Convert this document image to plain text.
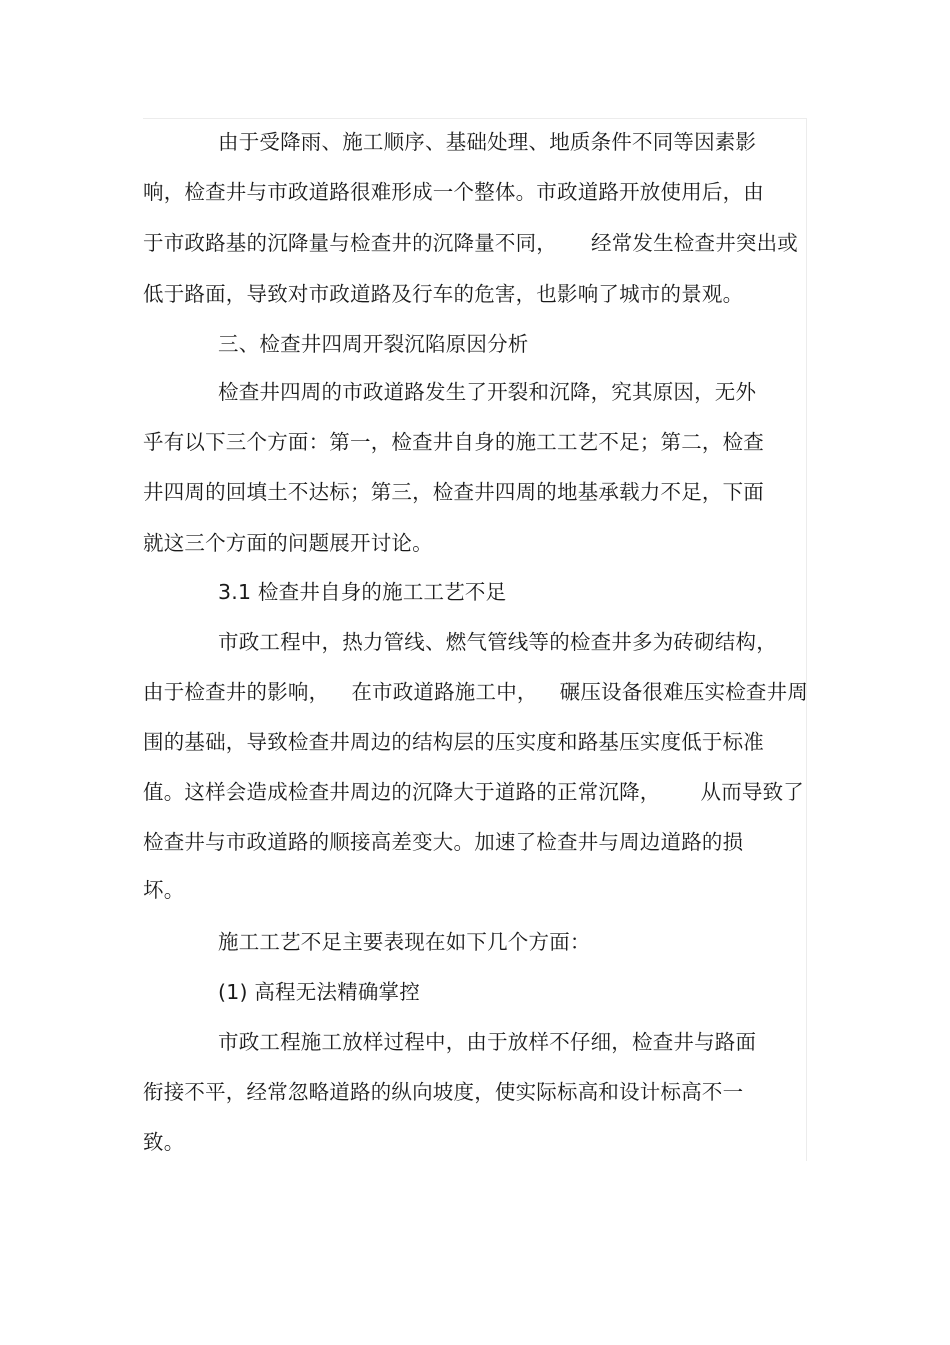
由于受降雨、施工顺序、基础处理、地质条件不同等因素影
响，检查井与市政道路很难形成一个整体。市政道路开放使用后，由
于市政路基的沉降量与检查井的沉降量不同， 经常发生检查井突出或
低于路面，导致对市政道路及行车的危害，也影响了城市的景观。
三、检查井四周开裂沉陷原因分析
检查井四周的市政道路发生了开裂和沉降，究其原因，无外
乎有以下三个方面：第一，检查井自身的施工工艺不足；第二，检查
井四周的回填土不达标；第三，检查井四周的地基承载力不足，下面
就这三个方面的问题展开讨论。
3.1 检查井自身的施工工艺不足
市政工程中，热力管线、燃气管线等的检查井多为砖砌结构，
由于检查井的影响， 在市政道路施工中， 碾压设备很难压实检查井周
围的基础，导致检查井周边的结构层的压实度和路基压实度低于标准
值。这样会造成检查井周边的沉降大于道路的正常沉降， 从而导致了
检查井与市政道路的顺接高差变大。加速了检查井与周边道路的损
坏。
施工工艺不足主要表现在如下几个方面：
(1) 高程无法精确掌控
市政工程施工放样过程中，由于放样不仔细，检查井与路面
衔接不平，经常忽略道路的纵向坡度，使实际标高和设计标高不一
致。
